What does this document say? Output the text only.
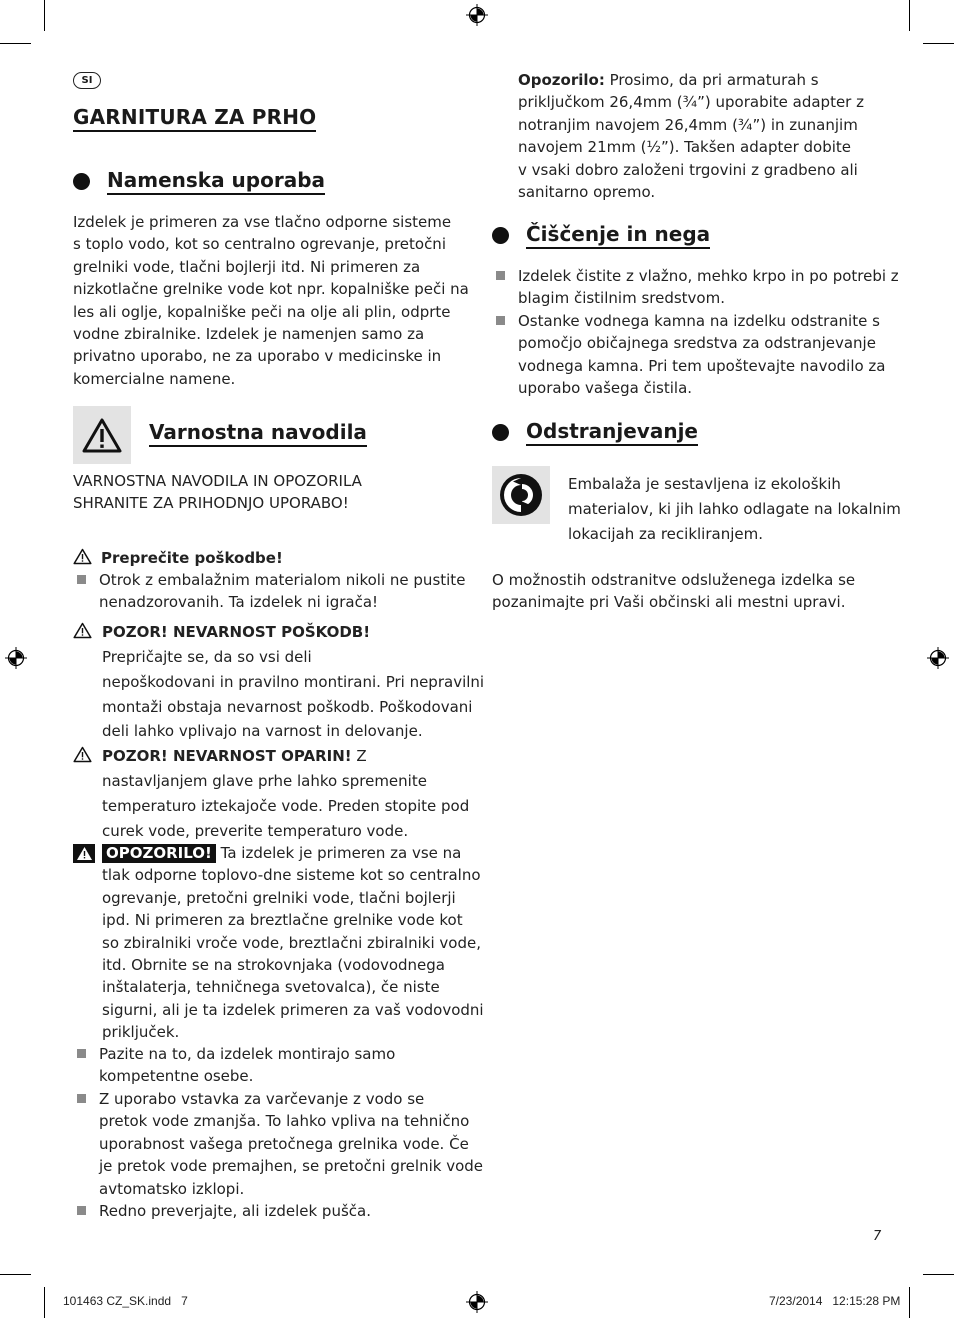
SI
GARNITURA ZA PRHO
Namenska uporaba
Izdelek je primeren za vse tlačno odporne sisteme
s toplo vodo, kot so centralno ogrevanje, pretočni
grelniki vode, tlačni bojlerji itd. Ni primeren za
nizkotlačne grelnike vode kot npr. kopalniške peči na
les ali oglje, kopalniške peči na olje ali plin, odprte
vodne zbiralnike. Izdelek je namenjen samo za
privatno uporabo, ne za uporabo v medicinske in
komercialne namene.
Varnostna navodila
VARNOSTNA NAVODILA IN OPOZORILA
SHRANITE ZA PRIHODNJO UPORABO!
Preprečite poškodbe!
Otrok z embalažnim materialom nikoli ne pustite
nenadzorovanih. Ta izdelek ni igrača!
POZOR! NEVARNOST POŠKODB!
Prepričajte se, da so vsi deli
nepoškodovani in pravilno montirani. Pri nepravilni
montaži obstaja nevarnost poškodb. Poškodovani
deli lahko vplivajo na varnost in delovanje.
POZOR! NEVARNOST OPARIN! Z
nastavljanjem glave prhe lahko spremenite
temperaturo iztekajoče vode. Preden stopite pod
curek vode, preverite temperaturo vode.
OPOZORILO! Ta izdelek je primeren za vse na
tlak odporne toplovo-dne sisteme kot so centralno
ogrevanje, pretočni grelniki vode, tlačni bojlerji
ipd. Ni primeren za breztlačne grelnike vode kot
so zbiralniki vroče vode, breztlačni zbiralniki vode,
itd. Obrnite se na strokovnjaka (vodovodnega
inštalaterja, tehničnega svetovalca), če niste
sigurni, ali je ta izdelek primeren za vaš vodovodni
priključek.
Pazite na to, da izdelek montirajo samo
kompetentne osebe.
Z uporabo vstavka za varčevanje z vodo se
pretok vode zmanjša. To lahko vpliva na tehnično
uporabnost vašega pretočnega grelnika vode. Če
je pretok vode premajhen, se pretočni grelnik vode
avtomatsko izklopi.
Redno preverjajte, ali izdelek pušča.
Opozorilo: Prosimo, da pri armaturah s
priključkom 26,4mm (¾”) uporabite adapter z
notranjim navojem 26,4mm (¾”) in zunanjim
navojem 21mm (½”). Takšen adapter dobite
v vsaki dobro založeni trgovini z gradbeno ali
sanitarno opremo.
Čiščenje in nega
Izdelek čistite z vlažno, mehko krpo in po potrebi z
blagim čistilnim sredstvom.
Ostanke vodnega kamna na izdelku odstranite s
pomočjo običajnega sredstva za odstranjevanje
vodnega kamna. Pri tem upoštevajte navodilo za
uporabo vašega čistila.
Odstranjevanje
Embalaža je sestavljena iz ekoloških
materialov, ki jih lahko odlagate na lokalnim
lokacijah za recikliranjem.
O možnostih odstranitve odsluženega izdelka se
pozanimajte pri Vaši občinski ali mestni upravi.
7
101463 CZ_SK.indd   7	7/23/2014   12:15:28 PM
